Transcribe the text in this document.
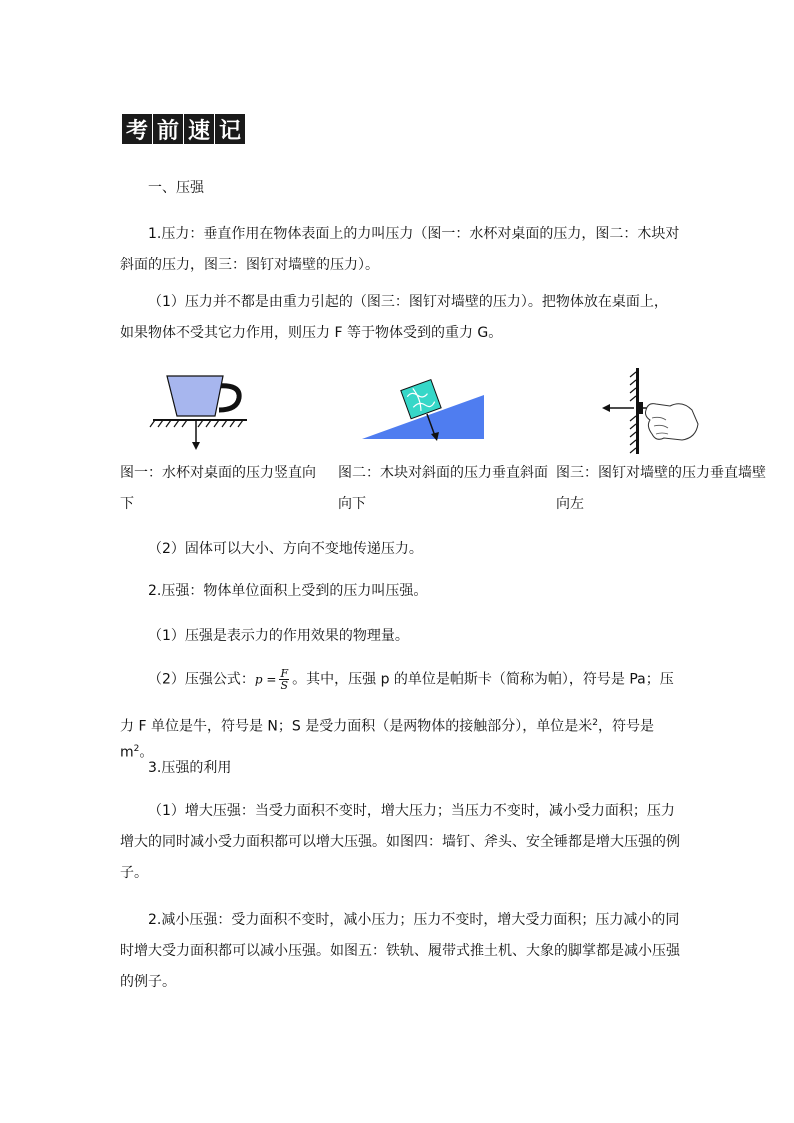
考 前 速 记
一、压强
1.压力：垂直作用在物体表面上的力叫压力（图一：水杯对桌面的压力，图二：木块对斜面的压力，图三：图钉对墙壁的压力）。
（1）压力并不都是由重力引起的（图三：图钉对墙壁的压力）。把物体放在桌面上，如果物体不受其它力作用，则压力 F 等于物体受到的重力 G。
图一：水杯对桌面的压力竖直向下
图二：木块对斜面的压力垂直斜面向下
图三：图钉对墙壁的压力垂直墙壁向左
（2）固体可以大小、方向不变地传递压力。
2.压强：物体单位面积上受到的压力叫压强。
（1）压强是表示力的作用效果的物理量。
（2）压强公式：$p = \frac{F}{S}$ 。其中，压强 p 的单位是帕斯卡（简称为帕），符号是 Pa；压
力 F 单位是牛，符号是 N；S 是受力面积（是两物体的接触部分），单位是米$^2$，符号是 $m^2$。
3.压强的利用
（1）增大压强：当受力面积不变时，增大压力；当压力不变时，减小受力面积；压力增大的同时减小受力面积都可以增大压强。如图四：墙钉、斧头、安全锤都是增大压强的例子。
2.减小压强：受力面积不变时，减小压力；压力不变时，增大受力面积；压力减小的同时增大受力面积都可以减小压强。如图五：铁轨、履带式推土机、大象的脚掌都是减小压强的例子。
